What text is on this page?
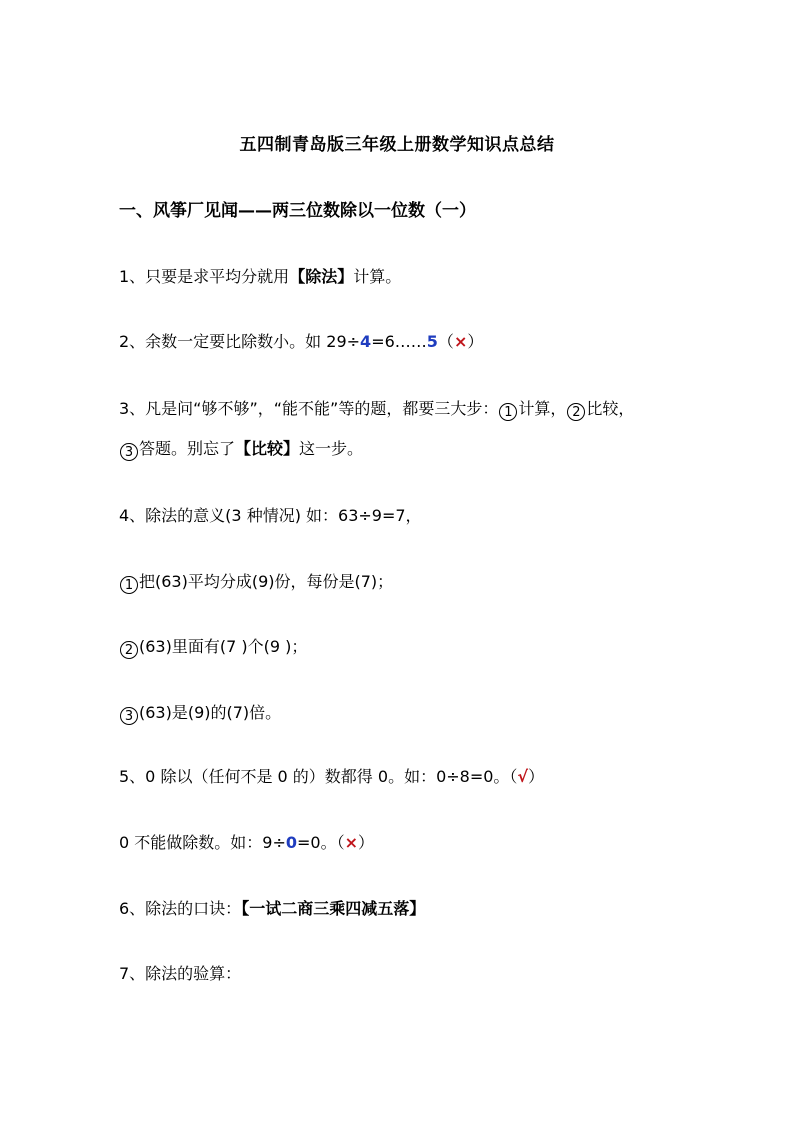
五四制青岛版三年级上册数学知识点总结
一、风筝厂见闻——两三位数除以一位数（一）
1、只要是求平均分就用【除法】计算。
2、余数一定要比除数小。如 29÷4=6……5（×）
3、凡是问“够不够”，“能不能”等的题，都要三大步： 1 计算， 2 比较，
3 答题。别忘了【比较】这一步。
4、除法的意义(3 种情况) 如：63÷9=7，
1 把(63)平均分成(9)份，每份是(7)；
2 (63)里面有(7 )个(9 )；
3 (63)是(9)的(7)倍。
5、0 除以（任何不是 0 的）数都得 0。如：0÷8=0。（√）
0 不能做除数。如：9÷0=0。（×）
6、除法的口诀：【一试二商三乘四减五落】
7、除法的验算：
